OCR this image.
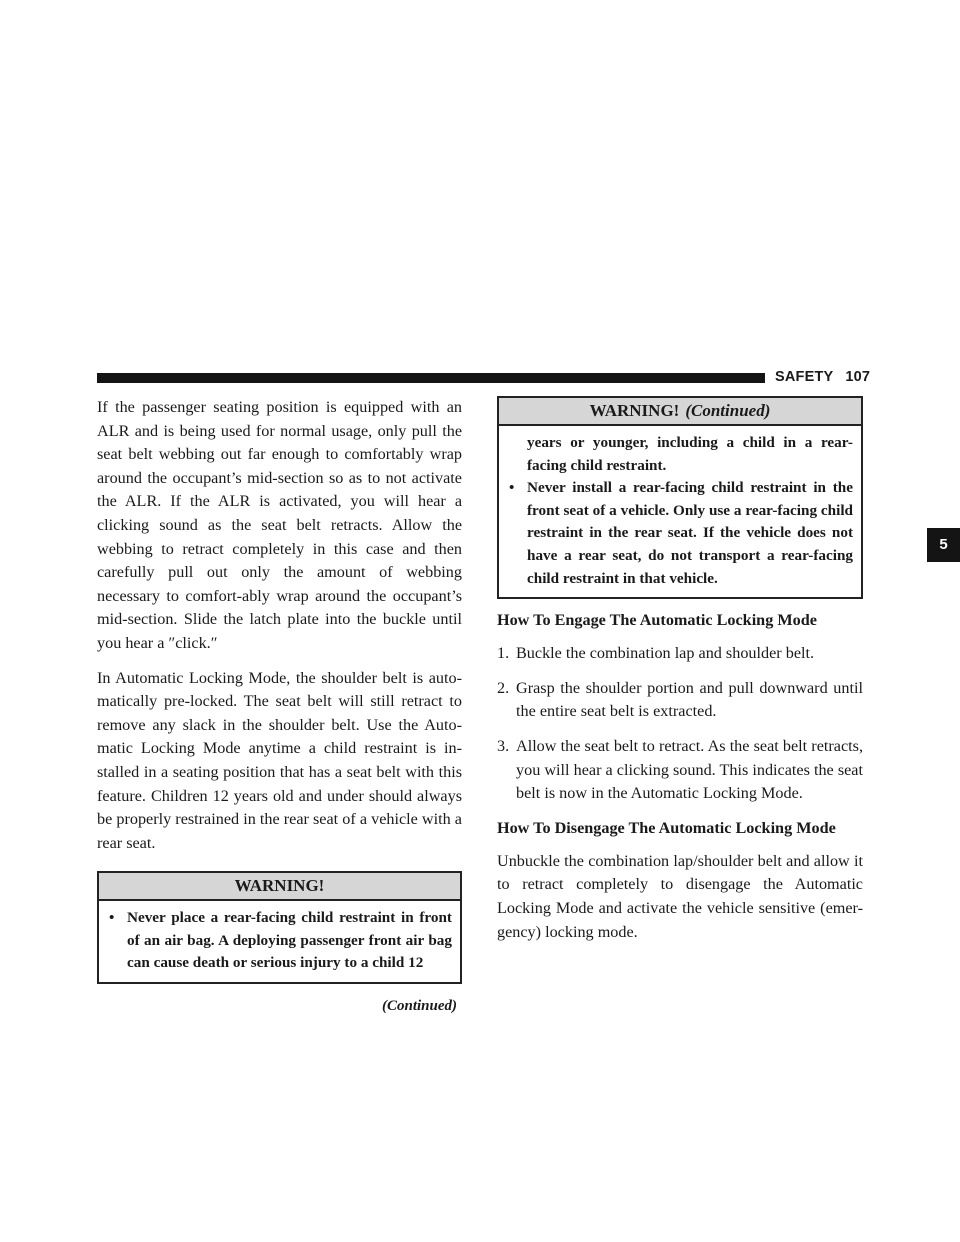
SAFETY 107
5

If the passenger seating position is equipped with an ALR and is being used for normal usage, only pull the seat belt webbing out far enough to comfortably wrap around the occupant’s mid-section so as to not activate the ALR. If the ALR is activated, you will hear a clicking sound as the seat belt retracts. Allow the webbing to retract completely in this case and then carefully pull out only the amount of webbing necessary to comfort-ably wrap around the occupant’s mid-section. Slide the latch plate into the buckle until you hear a ″click.″

In Automatic Locking Mode, the shoulder belt is auto-matically pre-locked. The seat belt will still retract to remove any slack in the shoulder belt. Use the Auto-matic Locking Mode anytime a child restraint is in-stalled in a seating position that has a seat belt with this feature. Children 12 years old and under should always be properly restrained in the rear seat of a vehicle with a rear seat.

WARNING!
• Never place a rear-facing child restraint in front of an air bag. A deploying passenger front air bag can cause death or serious injury to a child 12
(Continued)
WARNING! (Continued)
years or younger, including a child in a rear-facing child restraint.
• Never install a rear-facing child restraint in the front seat of a vehicle. Only use a rear-facing child restraint in the rear seat. If the vehicle does not have a rear seat, do not transport a rear-facing child restraint in that vehicle.
How To Engage The Automatic Locking Mode
1. Buckle the combination lap and shoulder belt.
2. Grasp the shoulder portion and pull downward until the entire seat belt is extracted.
3. Allow the seat belt to retract. As the seat belt retracts, you will hear a clicking sound. This indicates the seat belt is now in the Automatic Locking Mode.
How To Disengage The Automatic Locking Mode

Unbuckle the combination lap/shoulder belt and allow it to retract completely to disengage the Automatic Locking Mode and activate the vehicle sensitive (emer-gency) locking mode.
